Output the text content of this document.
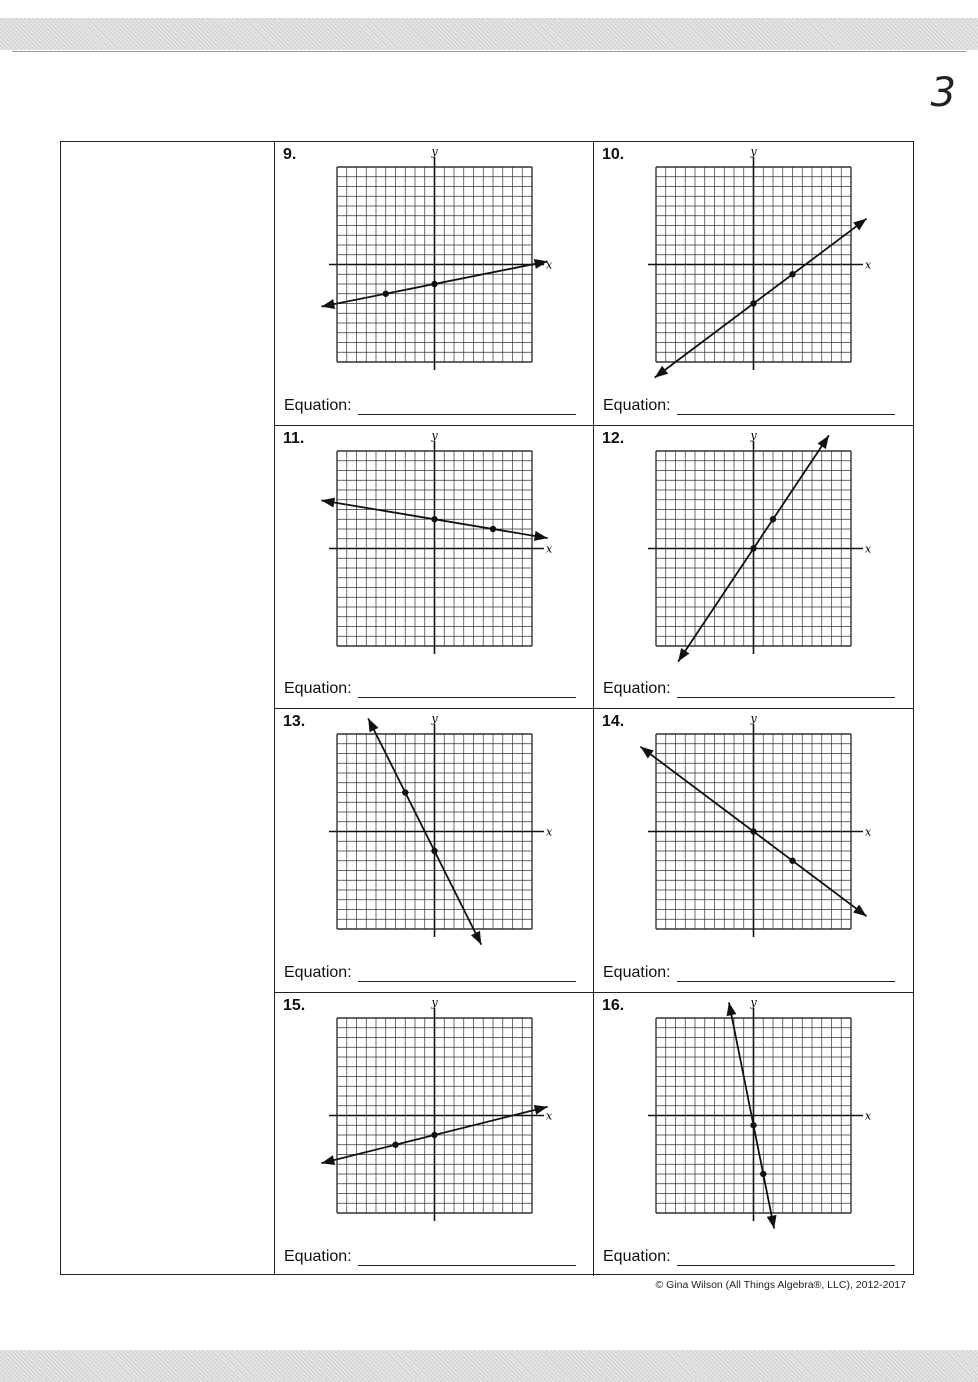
3
9.
x
y
Equation:
10.
x
y
Equation:
11.
x
y
Equation:
12.
x
y
Equation:
13.
x
y
Equation:
14.
x
y
Equation:
15.
x
y
Equation:
16.
x
y
Equation:
© Gina Wilson (All Things Algebra®, LLC), 2012-2017
